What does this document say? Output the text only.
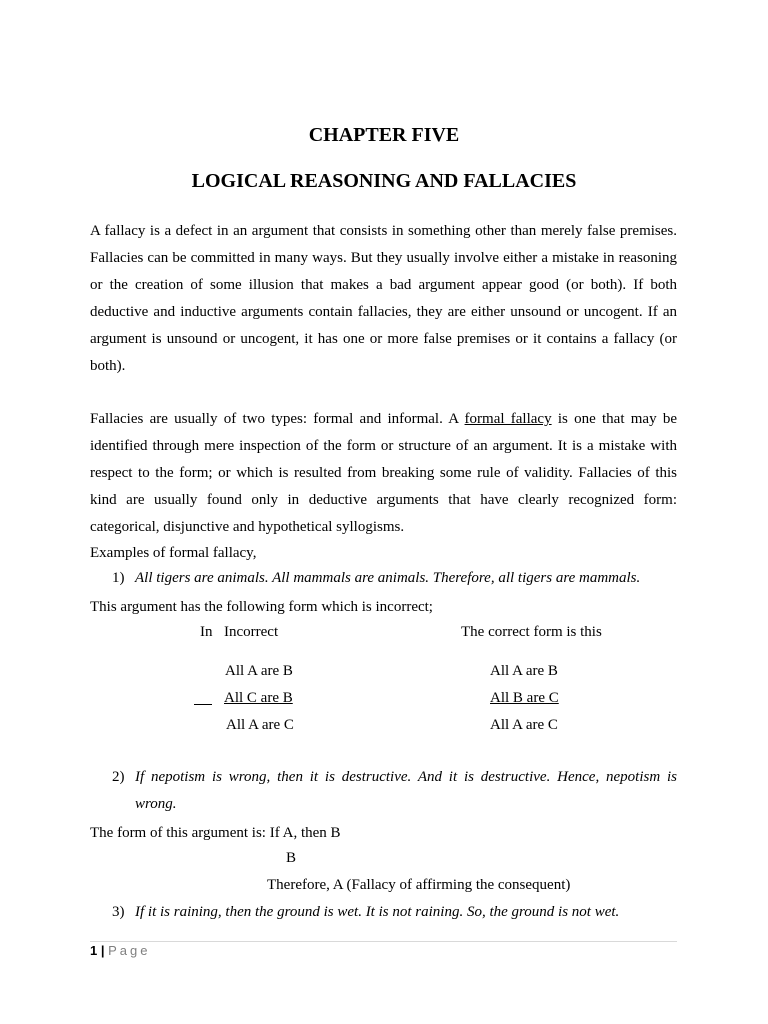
CHAPTER FIVE
LOGICAL REASONING AND FALLACIES
A fallacy is a defect in an argument that consists in something other than merely false premises. Fallacies can be committed in many ways. But they usually involve either a mistake in reasoning or the creation of some illusion that makes a bad argument appear good (or both). If both deductive and inductive arguments contain fallacies, they are either unsound or uncogent. If an argument is unsound or uncogent, it has one or more false premises or it contains a fallacy (or both).
Fallacies are usually of two types: formal and informal. A formal fallacy is one that may be identified through mere inspection of the form or structure of an argument. It is a mistake with respect to the form; or which is resulted from breaking some rule of validity. Fallacies of this kind are usually found only in deductive arguments that have clearly recognized form: categorical, disjunctive and hypothetical syllogisms.
Examples of formal fallacy,
1) All tigers are animals. All mammals are animals. Therefore, all tigers are mammals.
This argument has the following form which is incorrect;
In Incorrect	The correct form is this
All A are B
All C are B
All A are C
All A are B
All B are C
All A are C
2) If nepotism is wrong, then it is destructive. And it is destructive. Hence, nepotism is
wrong.
The form of this argument is: If A, then B
B
Therefore, A (Fallacy of affirming the consequent)
3) If it is raining, then the ground is wet. It is not raining. So, the ground is not wet.
1 | Page
